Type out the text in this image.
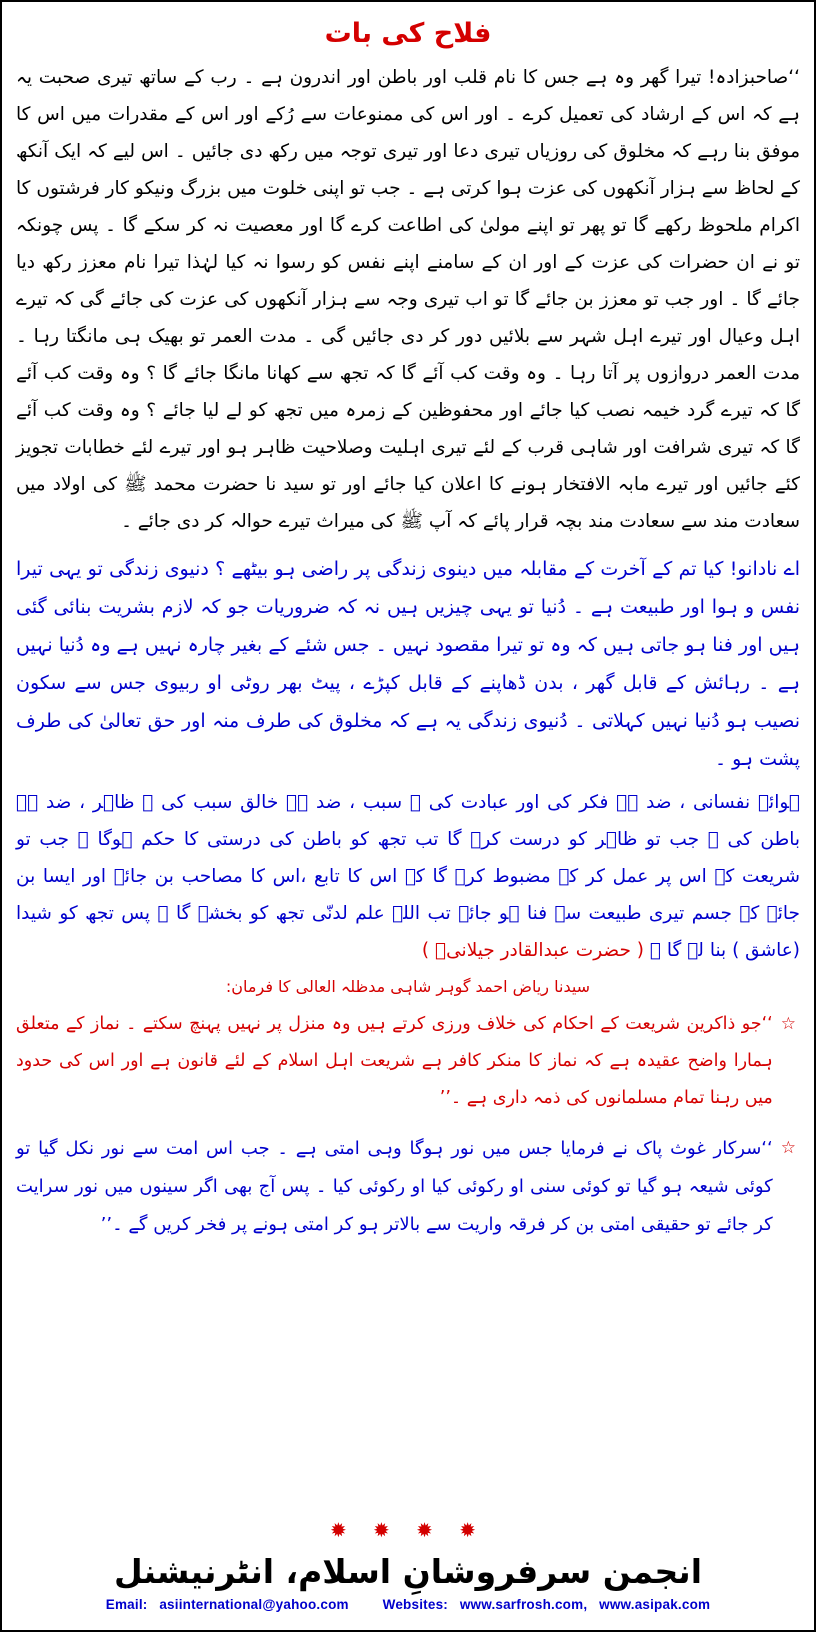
فلاح کی بات
‘‘صاحبزادہ! تیرا گھر وہ ہے جس کا نام قلب اور باطن اور اندرون ہے ۔ رب کے ساتھ تیری صحبت یہ ہے کہ اس کے ارشاد کی تعمیل کرے ۔ اور اس کی ممنوعات سے رُکے اور اس کے مقدرات میں اس کا موفق بنا رہے کہ مخلوق کی روزیاں تیری دعا اور تیری توجہ میں رکھ دی جائیں ۔ اس لیے کہ ایک آنکھ کے لحاظ سے ہزار آنکھوں کی عزت ہوا کرتی ہے ۔ جب تو اپنی خلوت میں بزرگ ونیکو کار فرشتوں کا اکرام ملحوظ رکھے گا تو پھر تو اپنے مولیٰ کی اطاعت کرے گا اور معصیت نہ کر سکے گا ۔ پس چونکہ تو نے ان حضرات کی عزت کے اور ان کے سامنے اپنے نفس کو رسوا نہ کیا لہٰذا تیرا نام معزز رکھ دیا جائے گا ۔ اور جب تو معزز بن جائے گا تو اب تیری وجہ سے ہزار آنکھوں کی عزت کی جائے گی کہ تیرے اہل وعیال اور تیرے اہل شہر سے بلائیں دور کر دی جائیں گی ۔ مدت العمر تو بھیک ہی مانگتا رہا ۔ مدت العمر دروازوں پر آتا رہا ۔ وہ وقت کب آئے گا کہ تجھ سے کھانا مانگا جائے گا ؟ وہ وقت کب آئے گا کہ تیرے گرد خیمہ نصب کیا جائے اور محفوظین کے زمرہ میں تجھ کو لے لیا جائے ؟ وہ وقت کب آئے گا کہ تیری شرافت اور شاہی قرب کے لئے تیری اہلیت وصلاحیت ظاہر ہو اور تیرے لئے خطابات تجویز کئے جائیں اور تیرے مابہ الافتخار ہونے کا اعلان کیا جائے اور تو سید نا حضرت محمد ﷺ کی اولاد میں سعادت مند سے سعادت مند بچہ قرار پائے کہ آپ ﷺ کی میراث تیرے حوالہ کر دی جائے ۔
اے نادانو! کیا تم کے آخرت کے مقابلہ میں دینوی زندگی پر راضی ہو بیٹھے ؟ دنیوی زندگی تو یہی تیرا نفس و ہوا اور طبیعت ہے ۔ دُنیا تو یہی چیزیں ہیں نہ کہ ضروریات جو کہ لازم بشریت بنائی گئی ہیں اور فنا ہو جاتی ہیں کہ وہ تو تیرا مقصود نہیں ۔ جس شئے کے بغیر چارہ نہیں ہے وہ دُنیا نہیں ہے ۔ رہائش کے قابل گھر ، بدن ڈھاپنے کے قابل کپڑے ، پیٹ بھر روٹی او ربیوی جس سے سکون نصیب ہو دُنیا نہیں کہلاتی ۔ دُنیوی زندگی یہ ہے کہ مخلوق کی طرف منہ اور حق تعالیٰ کی طرف پشت ہو ۔
ہوائے نفسانی ، ضد ہے فکر کی اور عبادت کی ۔ سبب ، ضد ہے خالق سبب کی ۔ ظاہر ، ضد ہے باطن کی ۔ جب تو ظاہر کو درست کرے گا تب تجھ کو باطن کی درستی کا حکم ہوگا ۔ جب تو شریعت کے اس پر عمل کر کے مضبوط کرے گا کہ اس کا تابع ،اس کا مصاحب بن جائے اور ایسا بن جائے کہ جسم تیری طبیعت سے فنا ہو جائے تب اللہ علم لدنّی تجھ کو بخشے گا ۔ پس تجھ کو شیدا (عاشق ) بنا لے گا ۔ ( حضرت عبدالقادر جیلانیؒ )
سیدنا ریاض احمد گوہر شاہی مدظلہ العالی کا فرمان:
☆
‘‘جو ذاکرین شریعت کے احکام کی خلاف ورزی کرتے ہیں وہ منزل پر نہیں پہنچ سکتے ۔ نماز کے متعلق ہمارا واضح عقیدہ ہے کہ نماز کا منکر کافر ہے شریعت اہل اسلام کے لئے قانون ہے اور اس کی حدود میں رہنا تمام مسلمانوں کی ذمہ داری ہے ۔’’
☆
‘‘سرکار غوث پاک نے فرمایا جس میں نور ہوگا وہی امتی ہے ۔ جب اس امت سے نور نکل گیا تو کوئی شیعہ ہو گیا تو کوئی سنی او رکوئی کیا او رکوئی کیا ۔ پس آج بھی اگر سینوں میں نور سرایت کر جائے تو حقیقی امتی بن کر فرقہ واریت سے بالاتر ہو کر امتی ہونے پر فخر کریں گے ۔’’
✹ ✹ ✹ ✹
انجمن سرفروشانِ اسلام، انٹرنیشنل
Email: asiinternational@yahoo.com	Websites: www.sarfrosh.com, www.asipak.com
